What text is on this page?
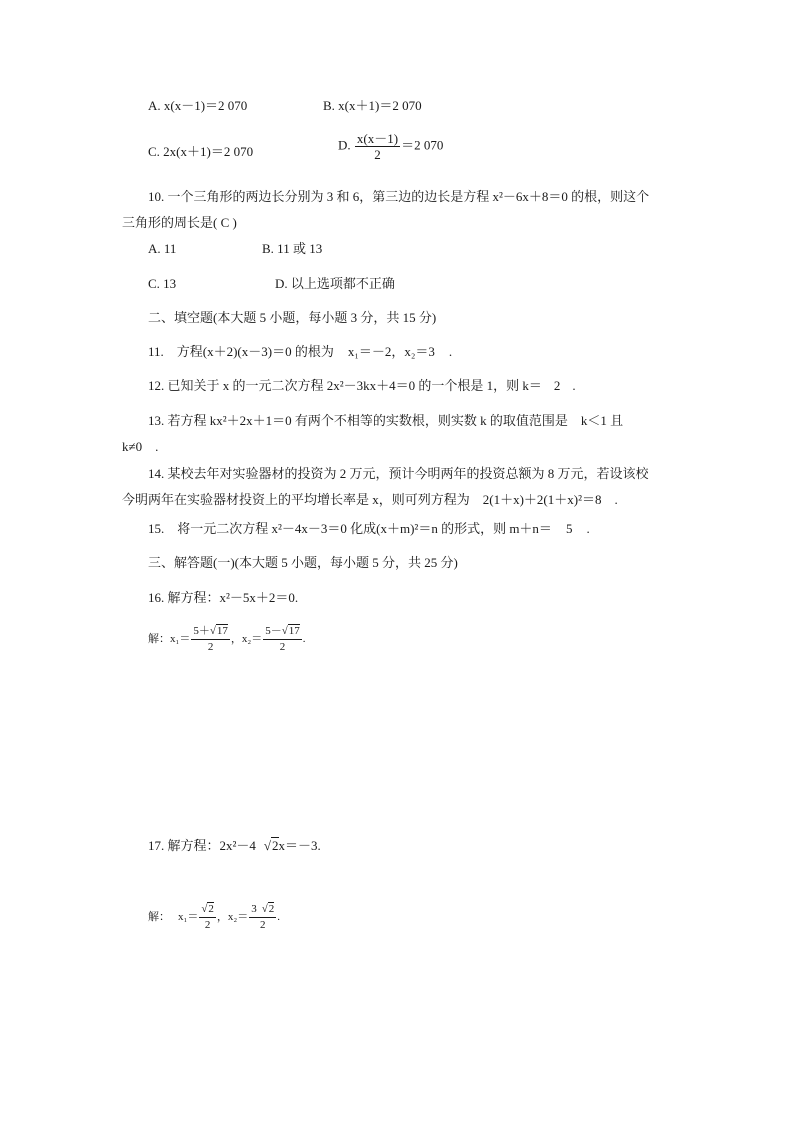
A. x(x－1)＝2 070	B. x(x＋1)＝2 070
C. 2x(x＋1)＝2 070	D. $\frac{x(x-1)}{2} =2$ 070
10. 一个三角形的两边长分别为 3 和 6，第三边的边长是方程 x²－6x＋8＝0 的根，则这个三角形的周长是( C )
A. 11	B. 11 或 13
C. 13	D. 以上选项都不正确
二、填空题(本大题 5 小题，每小题 3 分，共 15 分)
11.　方程(x＋2)(x－3)＝0 的根为 x₁＝－2，x₂＝3 .
12. 已知关于 x 的一元二次方程 2x²－3kx＋4＝0 的一个根是 1，则 k＝ 2 .
13. 若方程 kx²＋2x＋1＝0 有两个不相等的实数根，则实数 k 的取值范围是　k＜1 且 k≠0　.
14. 某校去年对实验器材的投资为 2 万元，预计今明两年的投资总额为 8 万元，若设该校今明两年在实验器材投资上的平均增长率是 x，则可列方程为　2(1＋x)＋2(1＋x)²＝8　.
15.　将一元二次方程 x²－4x－3＝0 化成(x＋m)²＝n 的形式，则 m＋n＝ 5 .
三、解答题(一)(本大题 5 小题，每小题 5 分，共 25 分)
16. 解方程：x²－5x＋2＝0.
解：$x_1= \frac{5+√17}{2}$ ，$x_2= \frac{5-√17}{2}$ .
17. 解方程：2x²－4 √2x＝－3.
解： $x_1= \frac{√2}{2}$ ，$x_2= \frac{3 √2}{2}$ .
